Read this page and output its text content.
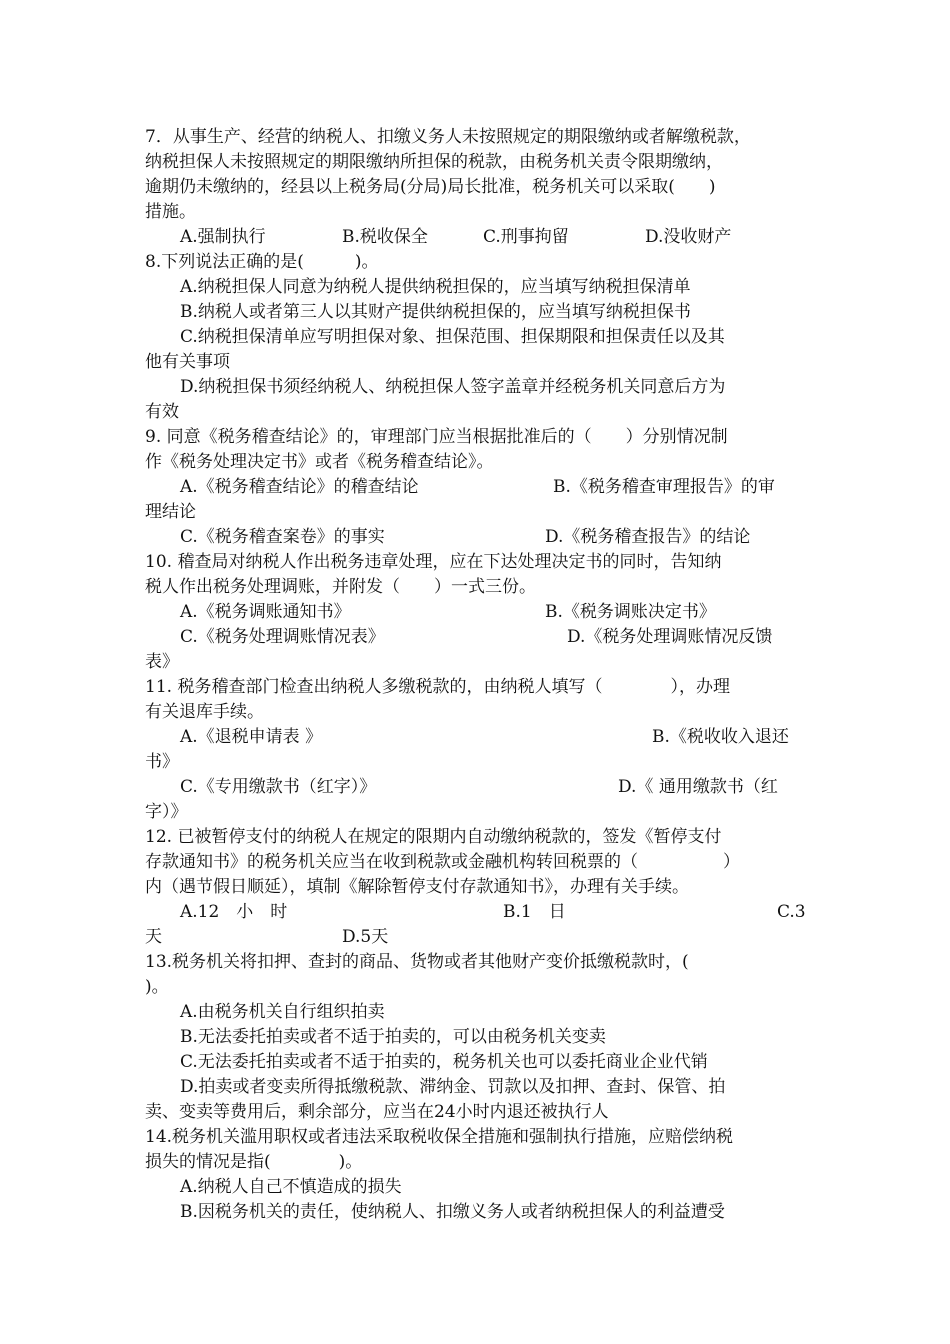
7．从事生产、经营的纳税人、扣缴义务人未按照规定的期限缴纳或者解缴税款，
纳税担保人未按照规定的期限缴纳所担保的税款，由税务机关责令限期缴纳，
逾期仍未缴纳的，经县以上税务局(分局)局长批准，税务机关可以采取(　　)
措施。
A.强制执行	B.税收保全	C.刑事拘留	D.没收财产
8.下列说法正确的是(　　　)。
A.纳税担保人同意为纳税人提供纳税担保的，应当填写纳税担保清单
B.纳税人或者第三人以其财产提供纳税担保的，应当填写纳税担保书
C.纳税担保清单应写明担保对象、担保范围、担保期限和担保责任以及其
他有关事项
D.纳税担保书须经纳税人、纳税担保人签字盖章并经税务机关同意后方为
有效
9. 同意《税务稽查结论》的，审理部门应当根据批准后的（　　）分别情况制
作《税务处理决定书》或者《税务稽查结论》。
A.《税务稽查结论》的稽查结论	B.《税务稽查审理报告》的审
理结论
C.《税务稽查案卷》的事实	D.《税务稽查报告》的结论
10. 稽查局对纳税人作出税务违章处理，应在下达处理决定书的同时，告知纳
税人作出税务处理调账，并附发（　　）一式三份。
A.《税务调账通知书》	B.《税务调账决定书》
C.《税务处理调账情况表》	D.《税务处理调账情况反馈
表》
11. 税务稽查部门检查出纳税人多缴税款的，由纳税人填写（　　　　），办理
有关退库手续。
A.《退税申请表 》	B.《税收收入退还
书》
C.《专用缴款书（红字）》	D.《 通用缴款书（红
字）》
12. 已被暂停支付的纳税人在规定的限期内自动缴纳税款的，签发《暂停支付
存款通知书》的税务机关应当在收到税款或金融机构转回税票的（　　　　　）
内（遇节假日顺延），填制《解除暂停支付存款通知书》，办理有关手续。
A.12　小　时	B.1　日	C.3
天	D.5天
13.税务机关将扣押、查封的商品、货物或者其他财产变价抵缴税款时，(
)。
A.由税务机关自行组织拍卖
B.无法委托拍卖或者不适于拍卖的，可以由税务机关变卖
C.无法委托拍卖或者不适于拍卖的，税务机关也可以委托商业企业代销
D.拍卖或者变卖所得抵缴税款、滞纳金、罚款以及扣押、查封、保管、拍
卖、变卖等费用后，剩余部分，应当在24小时内退还被执行人
14.税务机关滥用职权或者违法采取税收保全措施和强制执行措施，应赔偿纳税
损失的情况是指(　　　　)。
A.纳税人自己不慎造成的损失
B.因税务机关的责任，使纳税人、扣缴义务人或者纳税担保人的利益遭受
